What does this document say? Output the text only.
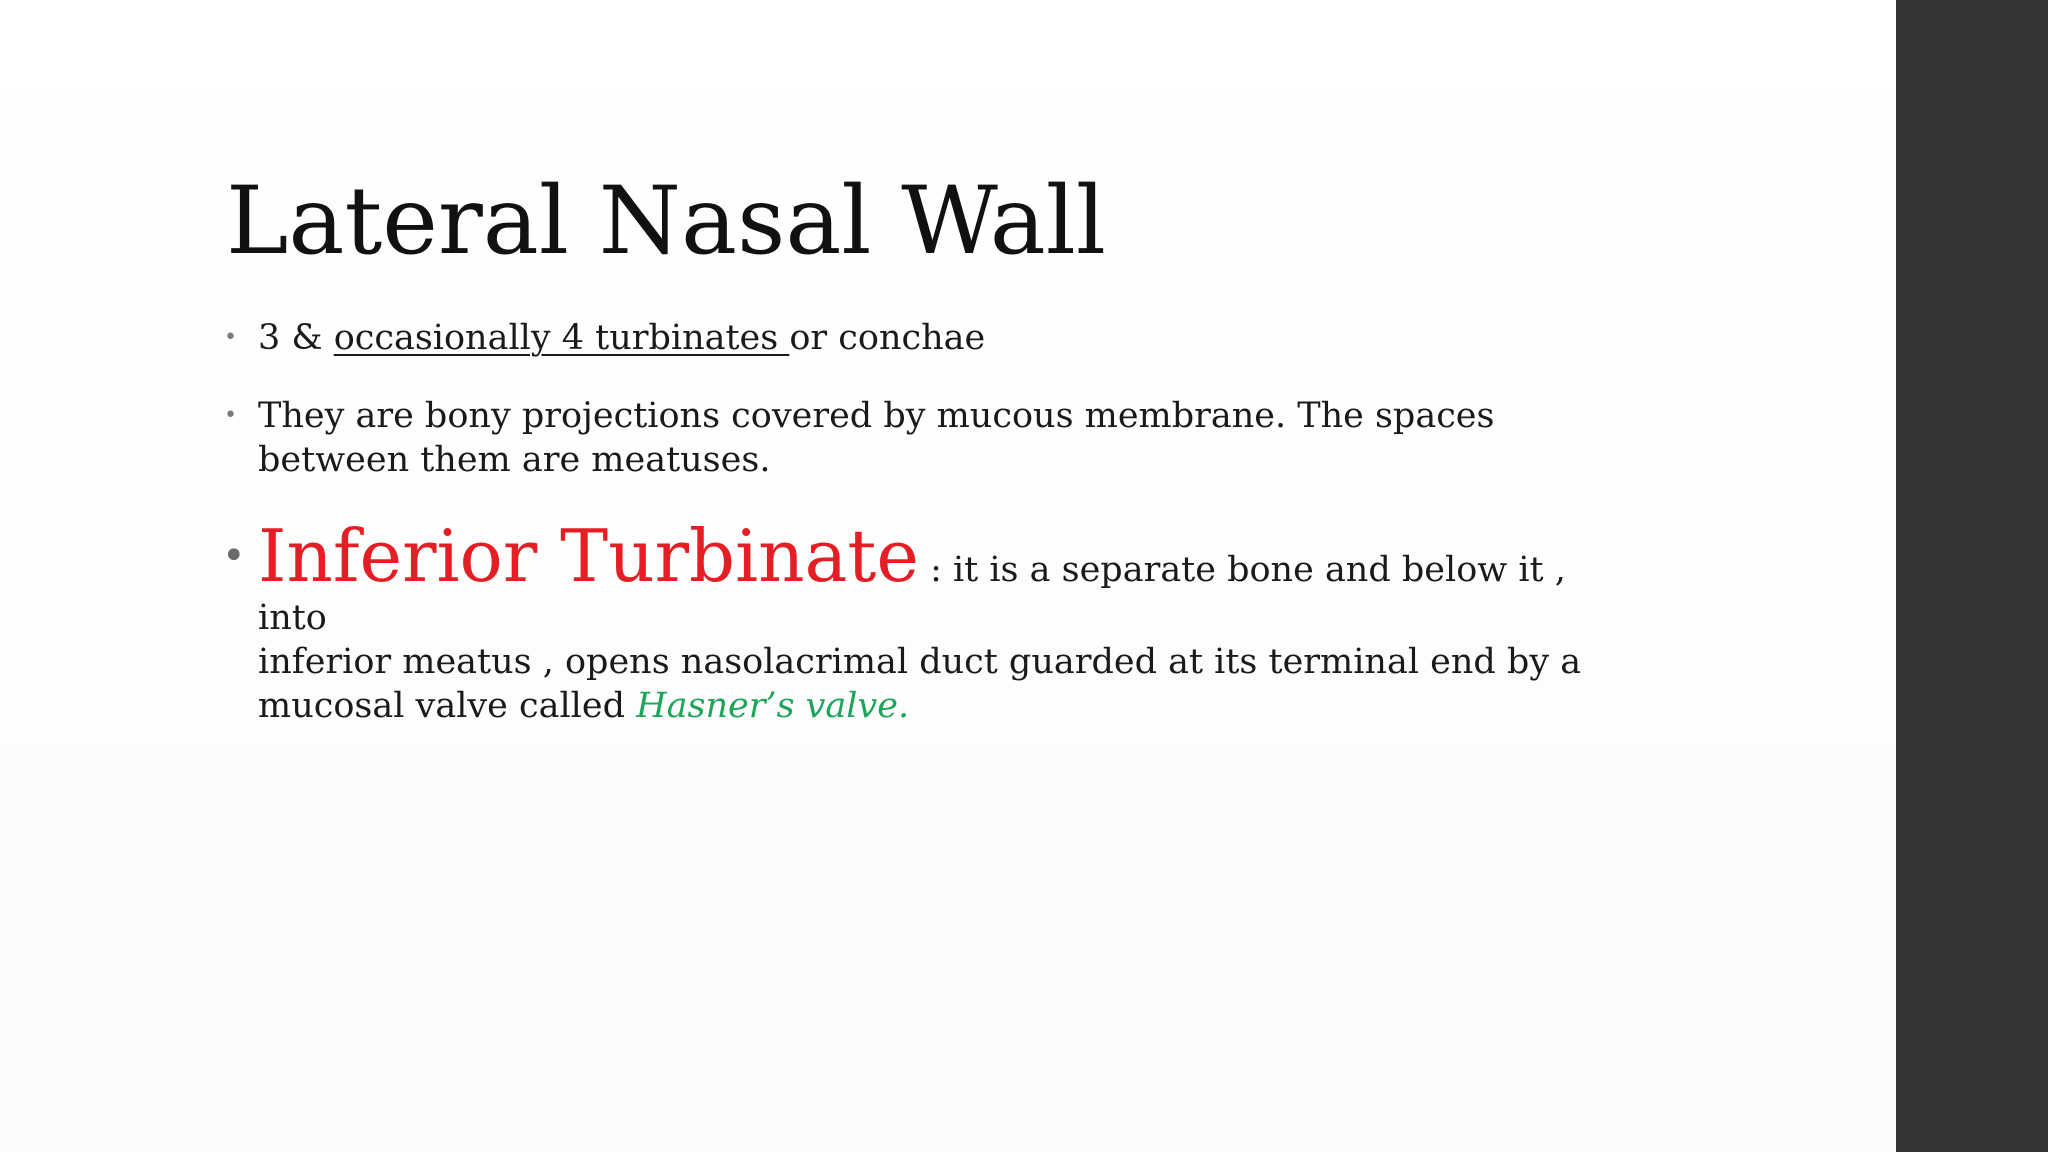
Lateral Nasal Wall
• 3 & occasionally 4 turbinates or conchae
• They are bony projections covered by mucous membrane. The spaces
between them are meatuses.
• Inferior Turbinate : it is a separate bone and below it , into
inferior meatus , opens nasolacrimal duct guarded at its terminal end by a
mucosal valve called Hasner’s valve.
